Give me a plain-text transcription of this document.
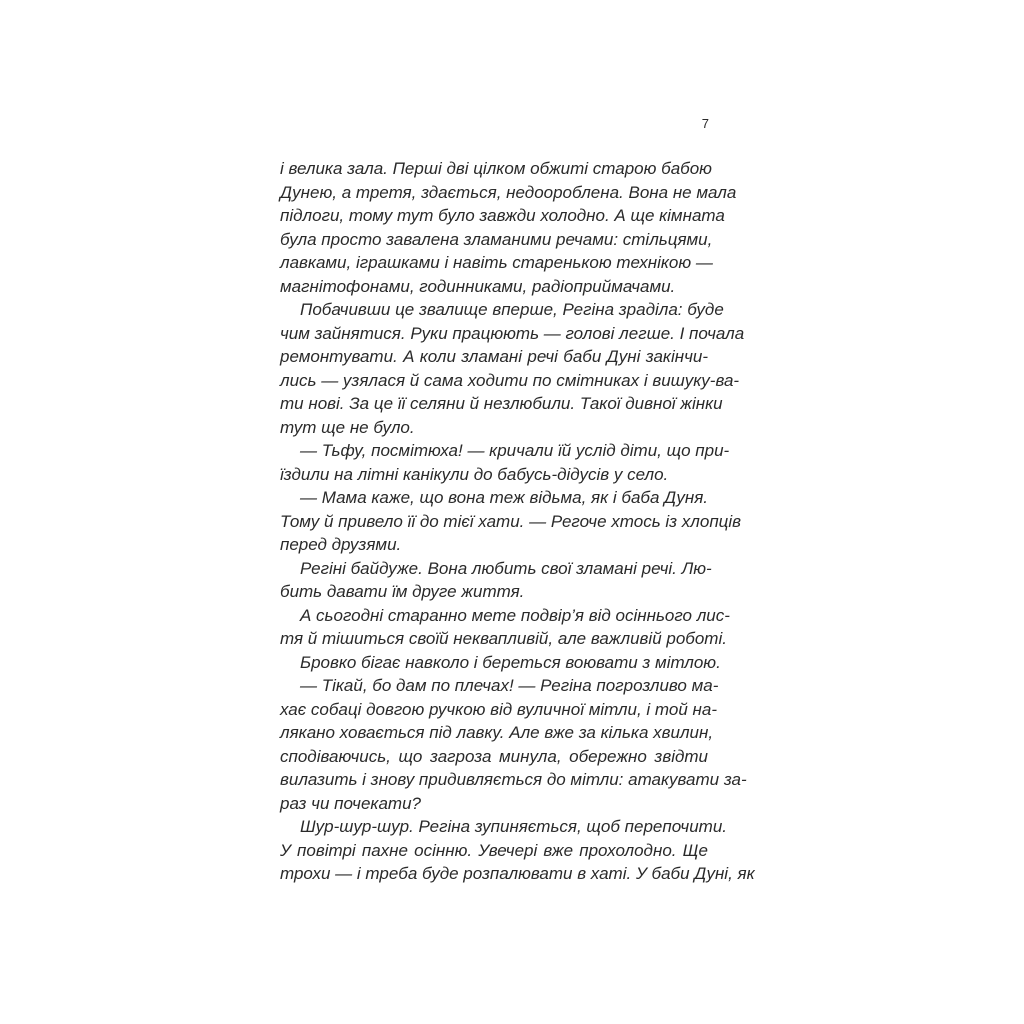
7
і велика зала. Перші дві цілком обжиті старою бабою
Дунею, а третя, здається, недоороблена. Вона не мала
підлоги, тому тут було завжди холодно. А ще кімната
була просто завалена зламаними речами: стільцями,
лавками, іграшками і навіть старенькою технікою —
магнітофонами, годинниками, радіоприймачами.
Побачивши це звалище вперше, Регіна зраділа: буде
чим зайнятися. Руки працюють — голові легше. І почала
ремонтувати. А коли зламані речі баби Дуні закінчи-
лись — узялася й сама ходити по смітниках і вишуку-ва-
ти нові. За це її селяни й незлюбили. Такої дивної жінки
тут ще не було.
— Тьфу, посмітюха! — кричали їй услід діти, що при-
їздили на літні канікули до бабусь-дідусів у село.
— Мама каже, що вона теж відьма, як і баба Дуня.
Тому й привело її до тієї хати. — Регоче хтось із хлопців
перед друзями.
Регіні байдуже. Вона любить свої зламані речі. Лю-
бить давати їм друге життя.
А сьогодні старанно мете подвір’я від осіннього лис-
тя й тішиться своїй неквапливій, але важливій роботі.
Бровко бігає навколо і береться воювати з мітлою.
— Тікай, бо дам по плечах! — Регіна погрозливо ма-
хає собаці довгою ручкою від вуличної мітли, і той на-
лякано ховається під лавку. Але вже за кілька хвилин,
сподіваючись, що загроза минула, обережно звідти
вилазить і знову придивляється до мітли: атакувати за-
раз чи почекати?
Шур-шур-шур. Регіна зупиняється, щоб перепочити.
У повітрі пахне осінню. Увечері вже прохолодно. Ще
трохи — і треба буде розпалювати в хаті. У баби Дуні, як
